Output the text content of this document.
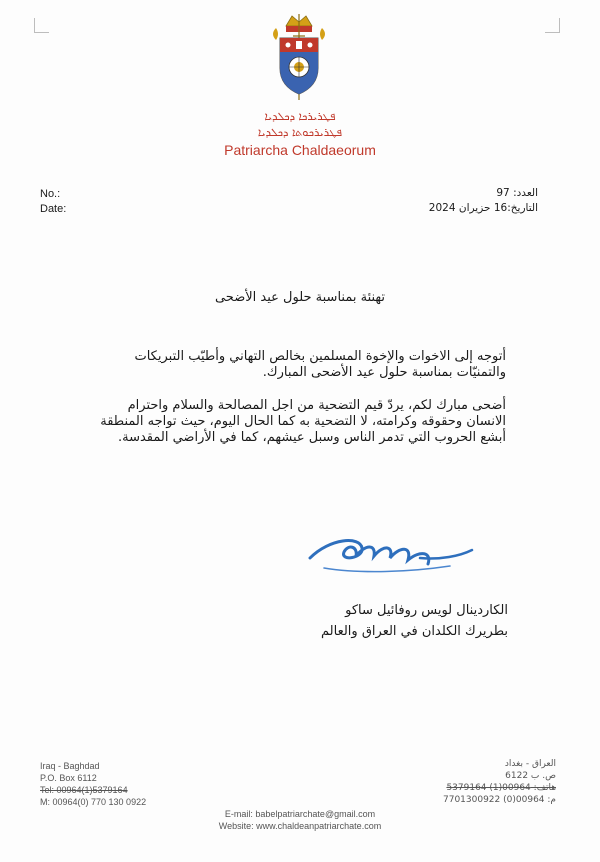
ܦܛܪܝܪܟܐ ܕܟܠܕܝܐ
ܦܛܪܝܪܟܘܬܐ ܕܟܠܕܝܐ
Patriarcha Chaldaeorum
No.:
Date:
العدد: 97
التاريخ:16 حزيران 2024
تهنئة بمناسبة حلول عيد الأضحى
أتوجه إلى الاخوات والإخوة المسلمين بخالص التهاني وأطيّب التبريكات والتمنيّات بمناسبة حلول عيد الأضحى المبارك.
أضحى مبارك لكم، يردّ قيم التضحية من اجل المصالحة والسلام واحترام الانسان وحقوقه وكرامته، لا التضحية به كما الحال اليوم، حيث تواجه المنطقة أبشع الحروب التي تدمر الناس وسبل عيشهم، كما في الأراضي المقدسة.
الكاردينال لويس روفائيل ساكو
بطريرك الكلدان في العراق والعالم
Iraq - Baghdad
P.O. Box 6112
Tel: 00964(1)5379164
M: 00964(0) 770 130 0922
العراق - بغداد
ص. ب 6122
هاتف: 00964(1) 5379164
م: 00964(0) 7701300922
E-mail: babelpatriarchate@gmail.com
Website: www.chaldeanpatriarchate.com
